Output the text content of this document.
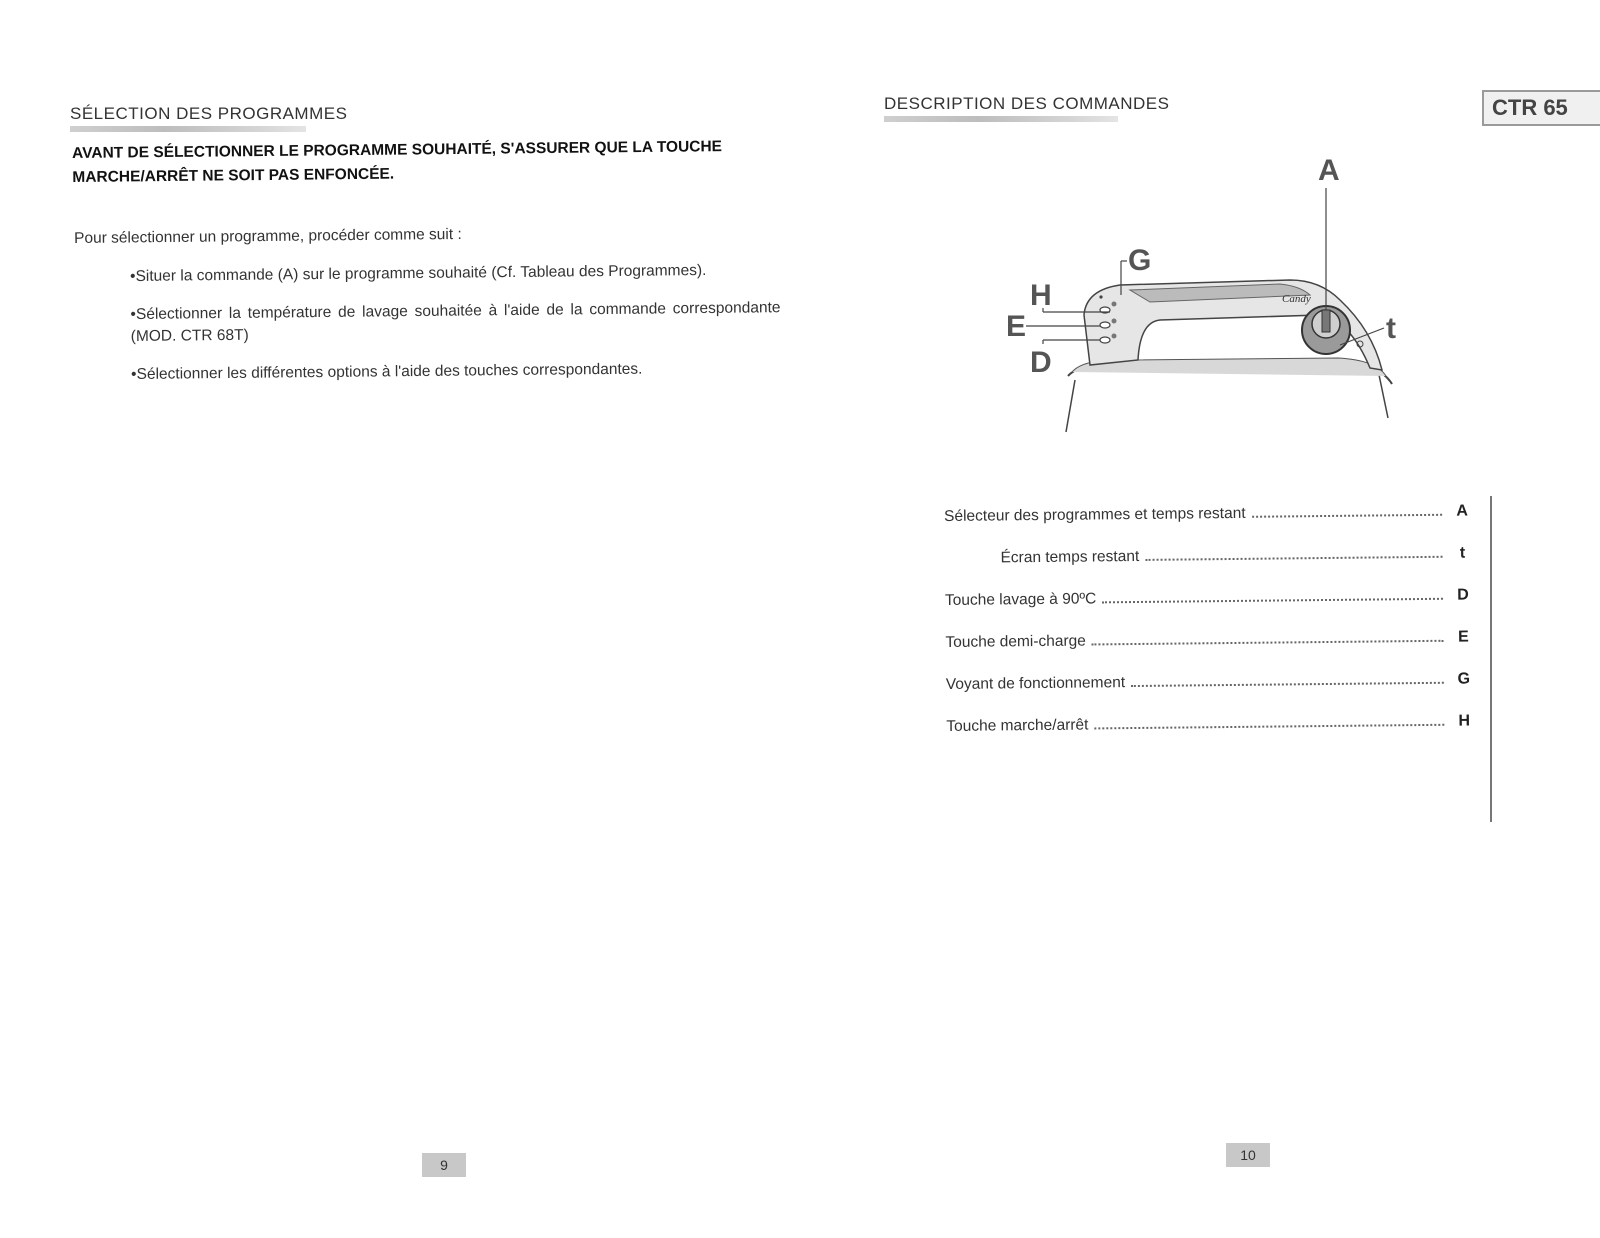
SÉLECTION DES PROGRAMMES
AVANT DE SÉLECTIONNER LE PROGRAMME SOUHAITÉ, S'ASSURER QUE LA TOUCHE MARCHE/ARRÊT NE SOIT PAS ENFONCÉE.
Pour sélectionner un programme, procéder comme suit :
• Situer la commande (A) sur le programme souhaité (Cf. Tableau des Programmes).
• Sélectionner la température de lavage souhaitée à l'aide de la commande correspondante (MOD. CTR 68T)
• Sélectionner les différentes options à l'aide des touches correspondantes.
9
DESCRIPTION DES COMMANDES	CTR 65
Candy
A
G
H
E
D
t
Sélecteur des programmes et temps restant	A
Écran temps restant	t
Touche lavage à 90ºC	D
Touche demi-charge	E
Voyant de fonctionnement	G
Touche marche/arrêt	H
10
